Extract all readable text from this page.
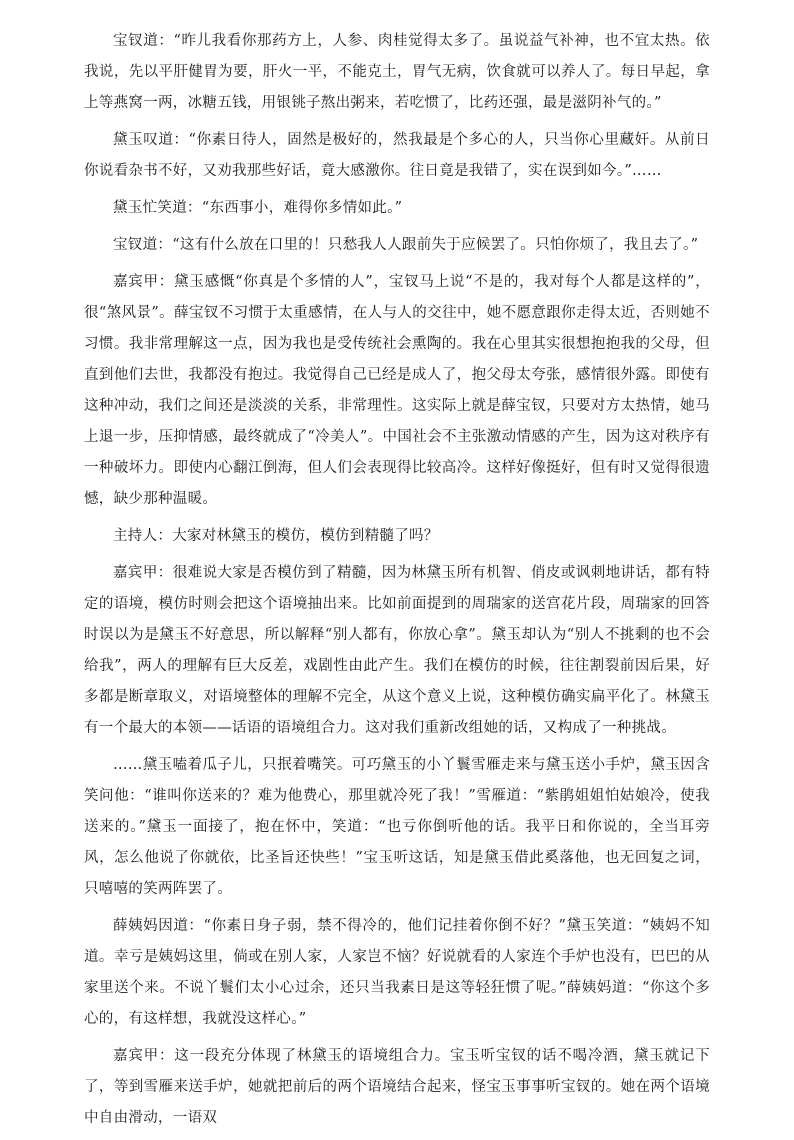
宝钗道：“昨儿我看你那药方上，人参、肉桂觉得太多了。虽说益气补神，也不宜太热。依我说，先以平肝健胃为要，肝火一平，不能克土，胃气无病，饮食就可以养人了。每日早起，拿上等燕窝一两，冰糖五钱，用银铫子熬出粥来，若吃惯了，比药还强，最是滋阴补气的。”

黛玉叹道：“你素日待人，固然是极好的，然我最是个多心的人，只当你心里藏奸。从前日你说看杂书不好，又劝我那些好话，竟大感激你。往日竟是我错了，实在误到如今。”……

黛玉忙笑道：“东西事小，难得你多情如此。”

宝钗道：“这有什么放在口里的！只愁我人人跟前失于应候罢了。只怕你烦了，我且去了。”

嘉宾甲：黛玉感慨“你真是个多情的人”，宝钗马上说“不是的，我对每个人都是这样的”，很“煞风景”。薛宝钗不习惯于太重感情，在人与人的交往中，她不愿意跟你走得太近，否则她不习惯。我非常理解这一点，因为我也是受传统社会熏陶的。我在心里其实很想抱抱我的父母，但直到他们去世，我都没有抱过。我觉得自己已经是成人了，抱父母太夸张，感情很外露。即使有这种冲动，我们之间还是淡淡的关系，非常理性。这实际上就是薛宝钗，只要对方太热情，她马上退一步，压抑情感，最终就成了“冷美人”。中国社会不主张激动情感的产生，因为这对秩序有一种破坏力。即使内心翻江倒海，但人们会表现得比较高冷。这样好像挺好，但有时又觉得很遗憾，缺少那种温暖。

主持人：大家对林黛玉的模仿，模仿到精髓了吗？

嘉宾甲：很难说大家是否模仿到了精髓，因为林黛玉所有机智、俏皮或讽刺地讲话，都有特定的语境，模仿时则会把这个语境抽出来。比如前面提到的周瑞家的送宫花片段，周瑞家的回答时误以为是黛玉不好意思，所以解释“别人都有，你放心拿”。黛玉却认为“别人不挑剩的也不会给我”，两人的理解有巨大反差，戏剧性由此产生。我们在模仿的时候，往往割裂前因后果，好多都是断章取义，对语境整体的理解不完全，从这个意义上说，这种模仿确实扁平化了。林黛玉有一个最大的本领——话语的语境组合力。这对我们重新改组她的话，又构成了一种挑战。

……黛玉嗑着瓜子儿，只抿着嘴笑。可巧黛玉的小丫鬟雪雁走来与黛玉送小手炉，黛玉因含笑问他：“谁叫你送来的？难为他费心，那里就冷死了我！”雪雁道：“紫鹃姐姐怕姑娘冷，使我送来的。”黛玉一面接了，抱在怀中，笑道：“也亏你倒听他的话。我平日和你说的，全当耳旁风，怎么他说了你就依，比圣旨还快些！”宝玉听这话，知是黛玉借此奚落他，也无回复之词，只嘻嘻的笑两阵罢了。

薛姨妈因道：“你素日身子弱，禁不得冷的，他们记挂着你倒不好？”黛玉笑道：“姨妈不知道。幸亏是姨妈这里，倘或在别人家，人家岂不恼？好说就看的人家连个手炉也没有，巴巴的从家里送个来。不说丫鬟们太小心过余，还只当我素日是这等轻狂惯了呢。”薛姨妈道：“你这个多心的，有这样想，我就没这样心。”

嘉宾甲：这一段充分体现了林黛玉的语境组合力。宝玉听宝钗的话不喝冷酒，黛玉就记下了，等到雪雁来送手炉，她就把前后的两个语境结合起来，怪宝玉事事听宝钗的。她在两个语境中自由滑动，一语双
